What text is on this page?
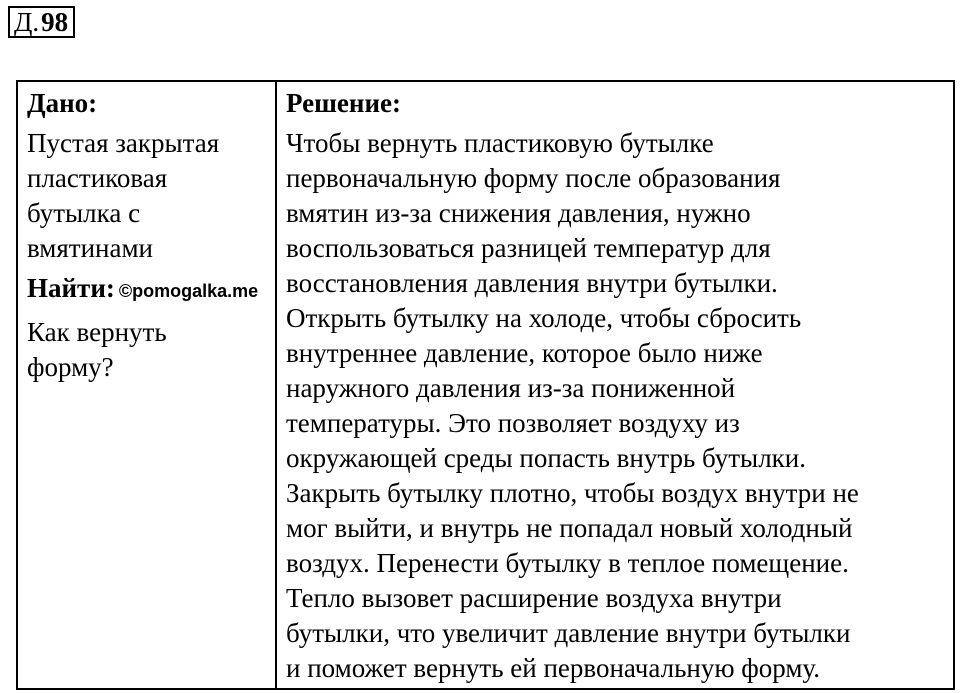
Д. 98
Дано:
Пустая закрытая
пластиковая
бутылка с
вмятинами
Найти: ©pomogalka.me
Как вернуть
форму?
Решение:
Чтобы вернуть пластиковую бутылке
первоначальную форму после образования
вмятин из-за снижения давления, нужно
воспользоваться разницей температур для
восстановления давления внутри бутылки.
Открыть бутылку на холоде, чтобы сбросить
внутреннее давление, которое было ниже
наружного давления из-за пониженной
температуры. Это позволяет воздуху из
окружающей среды попасть внутрь бутылки.
Закрыть бутылку плотно, чтобы воздух внутри не
мог выйти, и внутрь не попадал новый холодный
воздух. Перенести бутылку в теплое помещение.
Тепло вызовет расширение воздуха внутри
бутылки, что увеличит давление внутри бутылки
и поможет вернуть ей первоначальную форму.
